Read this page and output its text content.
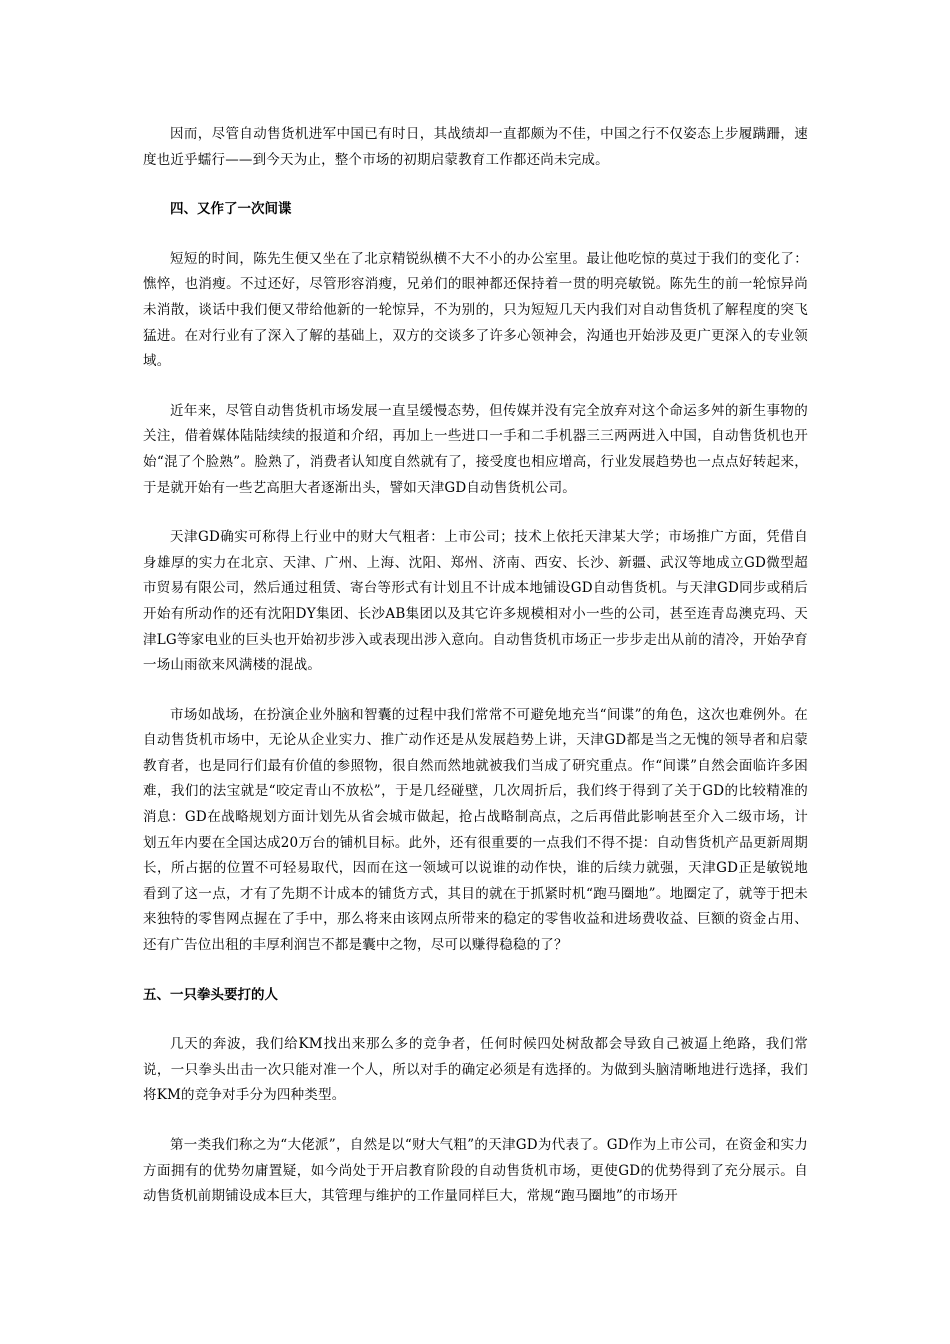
因而，尽管自动售货机进军中国已有时日，其战绩却一直都颇为不佳，中国之行不仅姿态上步履蹒跚，速度也近乎蠕行——到今天为止，整个市场的初期启蒙教育工作都还尚未完成。

四、又作了一次间谍

短短的时间，陈先生便又坐在了北京精锐纵横不大不小的办公室里。最让他吃惊的莫过于我们的变化了：憔悴，也消瘦。不过还好，尽管形容消瘦，兄弟们的眼神都还保持着一贯的明亮敏锐。陈先生的前一轮惊异尚未消散，谈话中我们便又带给他新的一轮惊异，不为别的，只为短短几天内我们对自动售货机了解程度的突飞猛进。在对行业有了深入了解的基础上，双方的交谈多了许多心领神会，沟通也开始涉及更广更深入的专业领域。

近年来，尽管自动售货机市场发展一直呈缓慢态势，但传媒并没有完全放弃对这个命运多舛的新生事物的关注，借着媒体陆陆续续的报道和介绍，再加上一些进口一手和二手机器三三两两进入中国，自动售货机也开始“混了个脸熟”。脸熟了，消费者认知度自然就有了，接受度也相应增高，行业发展趋势也一点点好转起来，于是就开始有一些艺高胆大者逐渐出头，譬如天津GD自动售货机公司。

天津GD确实可称得上行业中的财大气粗者：上市公司；技术上依托天津某大学；市场推广方面，凭借自身雄厚的实力在北京、天津、广州、上海、沈阳、郑州、济南、西安、长沙、新疆、武汉等地成立GD微型超市贸易有限公司，然后通过租赁、寄台等形式有计划且不计成本地铺设GD自动售货机。与天津GD同步或稍后开始有所动作的还有沈阳DY集团、长沙AB集团以及其它许多规模相对小一些的公司，甚至连青岛澳克玛、天津LG等家电业的巨头也开始初步涉入或表现出涉入意向。自动售货机市场正一步步走出从前的清冷，开始孕育一场山雨欲来风满楼的混战。

市场如战场，在扮演企业外脑和智囊的过程中我们常常不可避免地充当“间谍”的角色，这次也难例外。在自动售货机市场中，无论从企业实力、推广动作还是从发展趋势上讲，天津GD都是当之无愧的领导者和启蒙教育者，也是同行们最有价值的参照物，很自然而然地就被我们当成了研究重点。作“间谍”自然会面临许多困难，我们的法宝就是“咬定青山不放松”，于是几经碰壁，几次周折后，我们终于得到了关于GD的比较精准的消息：GD在战略规划方面计划先从省会城市做起，抢占战略制高点，之后再借此影响甚至介入二级市场，计划五年内要在全国达成20万台的铺机目标。此外，还有很重要的一点我们不得不提：自动售货机产品更新周期长，所占据的位置不可轻易取代，因而在这一领域可以说谁的动作快，谁的后续力就强，天津GD正是敏锐地看到了这一点，才有了先期不计成本的铺货方式，其目的就在于抓紧时机“跑马圈地”。地圈定了，就等于把未来独特的零售网点握在了手中，那么将来由该网点所带来的稳定的零售收益和进场费收益、巨额的资金占用、还有广告位出租的丰厚利润岂不都是囊中之物，尽可以赚得稳稳的了？

五、一只拳头要打的人

几天的奔波，我们给KM找出来那么多的竞争者，任何时候四处树敌都会导致自己被逼上绝路，我们常说，一只拳头出击一次只能对准一个人，所以对手的确定必须是有选择的。为做到头脑清晰地进行选择，我们将KM的竞争对手分为四种类型。

第一类我们称之为“大佬派”，自然是以“财大气粗”的天津GD为代表了。GD作为上市公司，在资金和实力方面拥有的优势勿庸置疑，如今尚处于开启教育阶段的自动售货机市场，更使GD的优势得到了充分展示。自动售货机前期铺设成本巨大，其管理与维护的工作量同样巨大，常规“跑马圈地”的市场开
